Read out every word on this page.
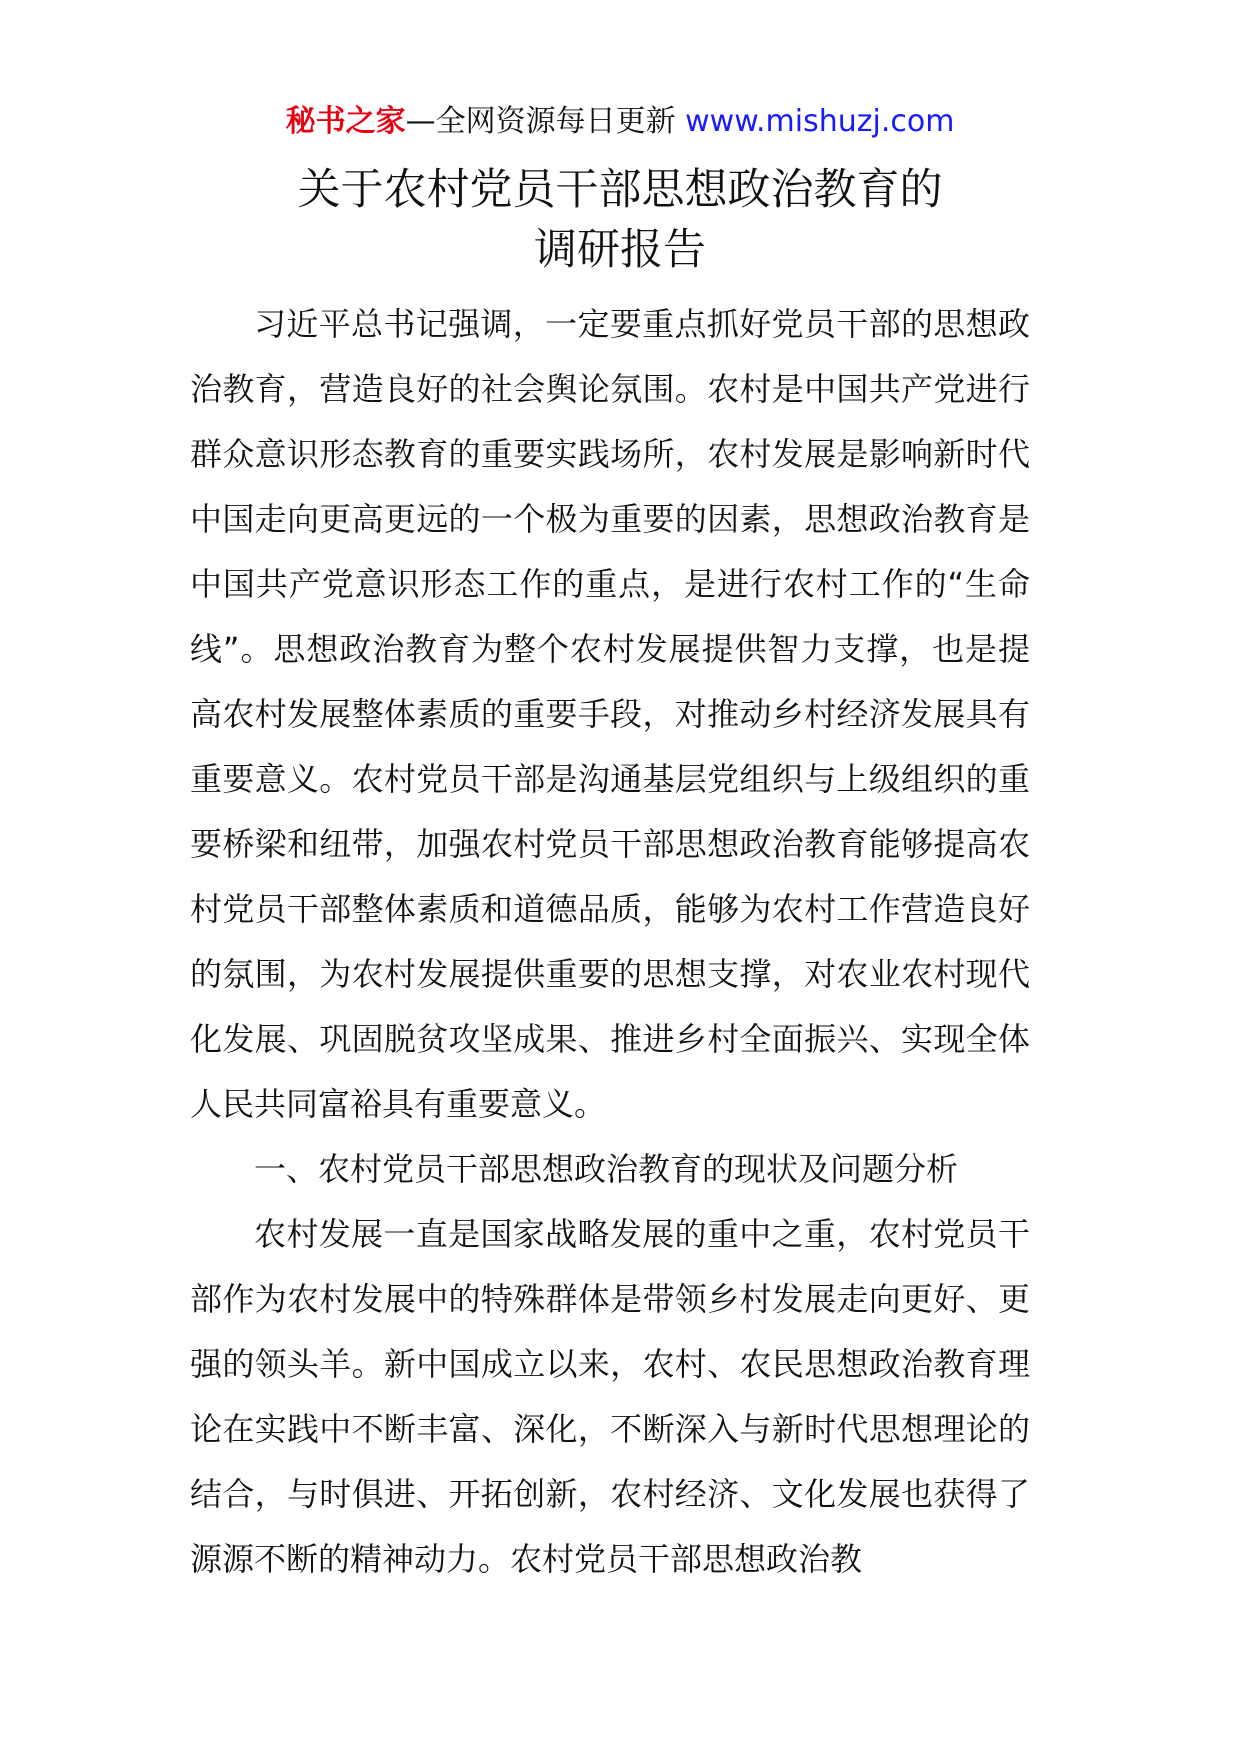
秘书之家—全网资源每日更新 www.mishuzj.com
关于农村党员干部思想政治教育的
调研报告

习近平总书记强调，一定要重点抓好党员干部的思想政治教育，营造良好的社会舆论氛围。农村是中国共产党进行群众意识形态教育的重要实践场所，农村发展是影响新时代中国走向更高更远的一个极为重要的因素，思想政治教育是中国共产党意识形态工作的重点，是进行农村工作的“生命线”。思想政治教育为整个农村发展提供智力支撑，也是提高农村发展整体素质的重要手段，对推动乡村经济发展具有重要意义。农村党员干部是沟通基层党组织与上级组织的重要桥梁和纽带，加强农村党员干部思想政治教育能够提高农村党员干部整体素质和道德品质，能够为农村工作营造良好的氛围，为农村发展提供重要的思想支撑，对农业农村现代化发展、巩固脱贫攻坚成果、推进乡村全面振兴、实现全体人民共同富裕具有重要意义。

一、农村党员干部思想政治教育的现状及问题分析

农村发展一直是国家战略发展的重中之重，农村党员干部作为农村发展中的特殊群体是带领乡村发展走向更好、更强的领头羊。新中国成立以来，农村、农民思想政治教育理论在实践中不断丰富、深化，不断深入与新时代思想理论的结合，与时俱进、开拓创新，农村经济、文化发展也获得了源源不断的精神动力。农村党员干部思想政治教
